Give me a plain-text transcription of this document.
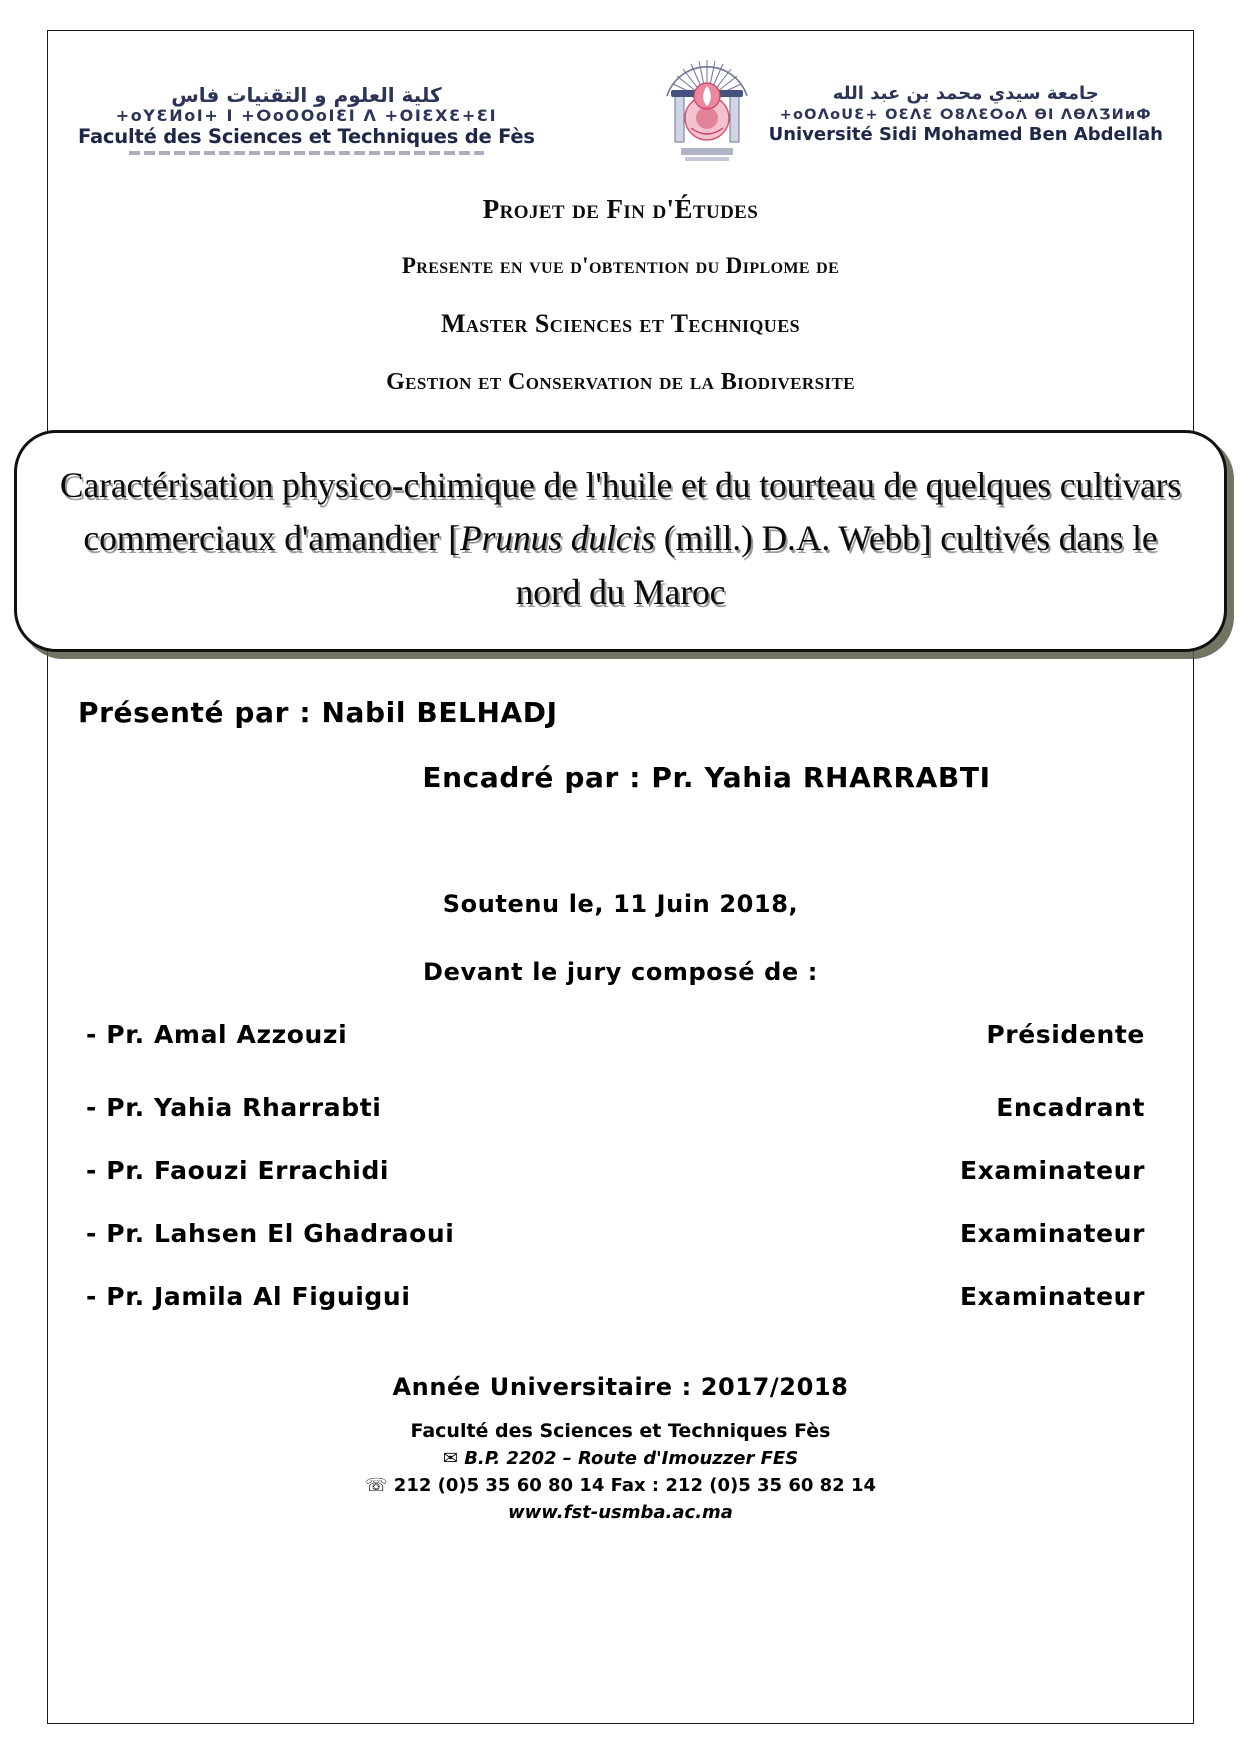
كلية العلوم و التقنيات فاس
+oYƐⵍoI+ I +ⵔoOOoIƐI ⴷ +OIƐXƐ+ƐI
Faculté des Sciences et Techniques de Fès
جامعة سيدي محمد بن عبد الله
+oOⴷoUƐ+ OƐⴷƐ ⵔ8ⴷƐⵔoⴷ ƟI ⴷƟⴷƷИиФ
Université Sidi Mohamed Ben Abdellah
Projet de Fin d'Études
Presente en vue d'obtention du Diplome de
Master Sciences et Techniques
Gestion et Conservation de la Biodiversite
Caractérisation physico-chimique de l'huile et du tourteau de quelques cultivars commerciaux d'amandier [Prunus dulcis (mill.) D.A. Webb] cultivés dans le nord du Maroc
Présenté par : Nabil BELHADJ
Encadré par : Pr. Yahia RHARRABTI
Soutenu le, 11 Juin 2018,
Devant le jury composé de :
- Pr. Amal Azzouzi	Présidente
- Pr. Yahia Rharrabti	Encadrant
- Pr. Faouzi Errachidi	Examinateur
- Pr. Lahsen El Ghadraoui	Examinateur
- Pr. Jamila Al Figuigui	Examinateur
Année Universitaire : 2017/2018
Faculté des Sciences et Techniques Fès
✉ B.P. 2202 – Route d'Imouzzer FES
☏ 212 (0)5 35 60 80 14 Fax : 212 (0)5 35 60 82 14
www.fst-usmba.ac.ma
